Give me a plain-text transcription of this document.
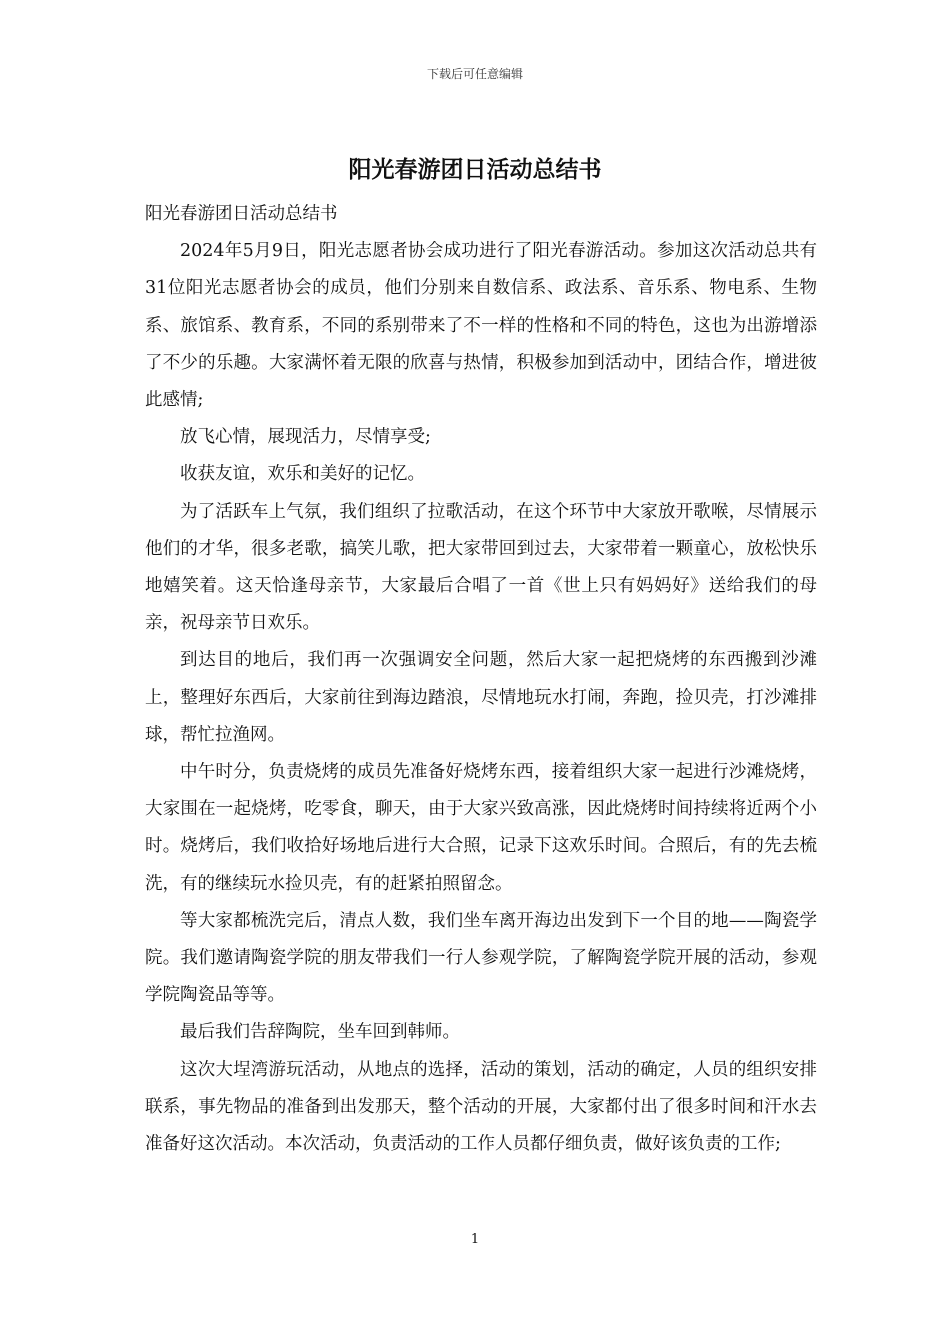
下载后可任意编辑
阳光春游团日活动总结书

阳光春游团日活动总结书

2024年5月9日，阳光志愿者协会成功进行了阳光春游活动。参加这次活动总共有31位阳光志愿者协会的成员，他们分别来自数信系、政法系、音乐系、物电系、生物系、旅馆系、教育系，不同的系别带来了不一样的性格和不同的特色，这也为出游增添了不少的乐趣。大家满怀着无限的欣喜与热情，积极参加到活动中，团结合作，增进彼此感情;

放飞心情，展现活力，尽情享受;

收获友谊，欢乐和美好的记忆。

为了活跃车上气氛，我们组织了拉歌活动，在这个环节中大家放开歌喉，尽情展示他们的才华，很多老歌，搞笑儿歌，把大家带回到过去，大家带着一颗童心，放松快乐地嬉笑着。这天恰逢母亲节，大家最后合唱了一首《世上只有妈妈好》送给我们的母亲，祝母亲节日欢乐。

到达目的地后，我们再一次强调安全问题，然后大家一起把烧烤的东西搬到沙滩上，整理好东西后，大家前往到海边踏浪，尽情地玩水打闹，奔跑，捡贝壳，打沙滩排球，帮忙拉渔网。

中午时分，负责烧烤的成员先准备好烧烤东西，接着组织大家一起进行沙滩烧烤，大家围在一起烧烤，吃零食，聊天，由于大家兴致高涨，因此烧烤时间持续将近两个小时。烧烤后，我们收拾好场地后进行大合照，记录下这欢乐时间。合照后，有的先去梳洗，有的继续玩水捡贝壳，有的赶紧拍照留念。

等大家都梳洗完后，清点人数，我们坐车离开海边出发到下一个目的地——陶瓷学院。我们邀请陶瓷学院的朋友带我们一行人参观学院，了解陶瓷学院开展的活动，参观学院陶瓷品等等。

最后我们告辞陶院，坐车回到韩师。

这次大埕湾游玩活动，从地点的选择，活动的策划，活动的确定，人员的组织安排联系，事先物品的准备到出发那天，整个活动的开展，大家都付出了很多时间和汗水去准备好这次活动。本次活动，负责活动的工作人员都仔细负责，做好该负责的工作;

1
